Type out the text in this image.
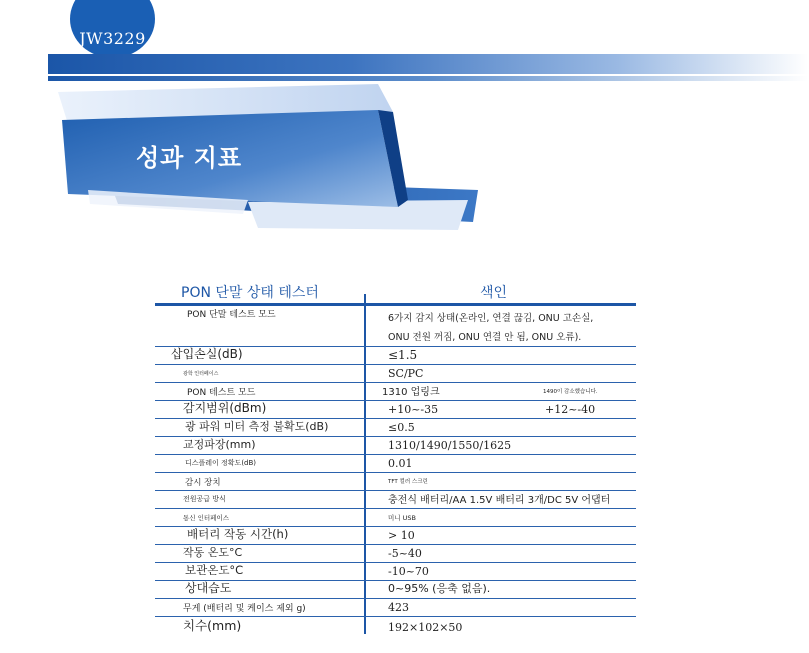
JW3229
성과 지표
PON 단말 상태 테스터	색인
PON 단말 테스트 모드	6가지 감지 상태(온라인, 연결 끊김, ONU 고손실,
ONU 전원 꺼짐, ONU 연결 안 됨, ONU 오류).
삽입손실(dB)	≤1.5
광학 인터페이스	SC/PC
PON 테스트 모드	1310 업링크	1490이 감소했습니다.
감지범위(dBm)	+10~-35	+12~-40
광 파워 미터 측정 불확도(dB)	≤0.5
교정파장(mm)	1310/1490/1550/1625
디스플레이 정확도(dB)	0.01
감시 장치	TFT 컬러 스크린
전원공급 방식	충전식 배터리/AA 1.5V 배터리 3개/DC 5V 어댑터
통신 인터페이스	미니 USB
배터리 작동 시간(h)	> 10
작동 온도°C	-5~40
보관온도°C	-10~70
상대습도	0~95% (응축 없음).
무게 (배터리 및 케이스 제외 g)	423
치수(mm)	192×102×50
